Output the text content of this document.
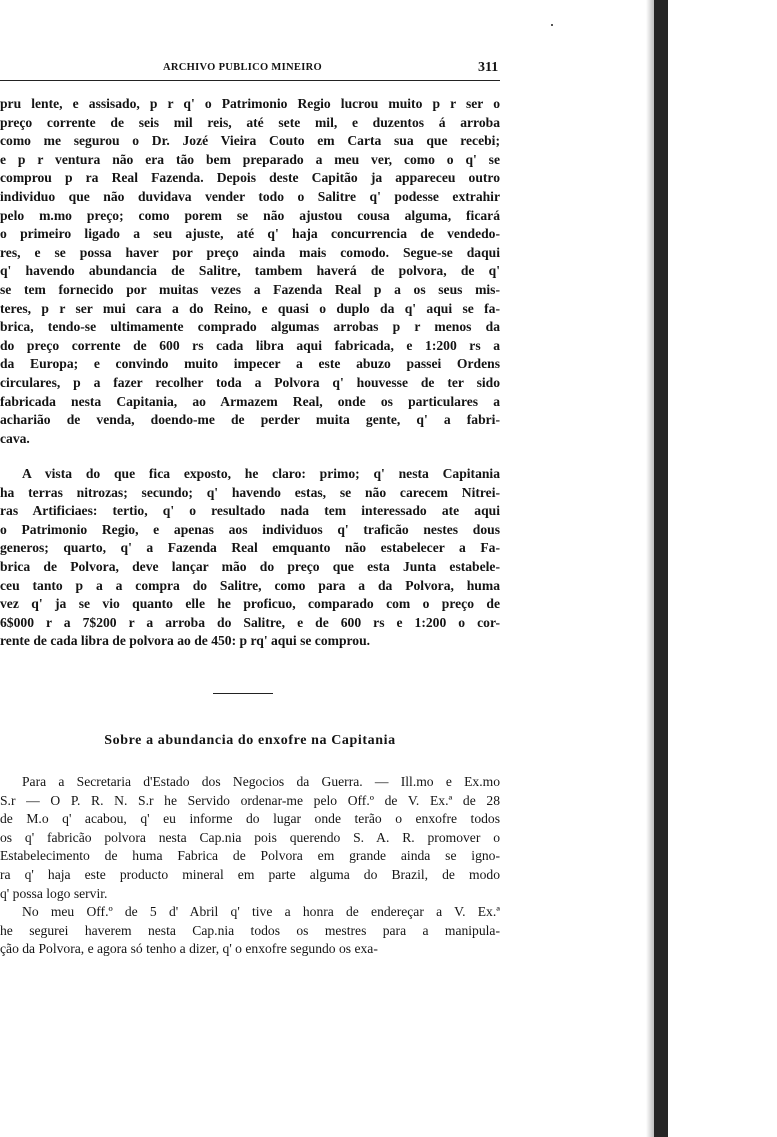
ARCHIVO PUBLICO MINEIRO	311
pru lente, e assisado, p r q' o Patrimonio Regio lucrou muito p r ser o
preço corrente de seis mil reis, até sete mil, e duzentos á arroba
como me segurou o Dr. Jozé Vieira Couto em Carta sua que recebi;
e p r ventura não era tão bem preparado a meu ver, como o q' se
comprou p ra Real Fazenda. Depois deste Capitão ja appareceu outro
individuo que não duvidava vender todo o Salitre q' podesse extrahir
pelo m.mo preço; como porem se não ajustou cousa alguma, ficará
o primeiro ligado a seu ajuste, até q' haja concurrencia de vendedo-
res, e se possa haver por preço ainda mais comodo. Segue-se daqui
q' havendo abundancia de Salitre, tambem haverá de polvora, de q'
se tem fornecido por muitas vezes a Fazenda Real p a os seus mis-
teres, p r ser mui cara a do Reino, e quasi o duplo da q' aqui se fa-
brica, tendo-se ultimamente comprado algumas arrobas p r menos da
do preço corrente de 600 rs cada libra aqui fabricada, e 1:200 rs a
da Europa; e convindo muito impecer a este abuzo passei Ordens
circulares, p a fazer recolher toda a Polvora q' houvesse de ter sido
fabricada nesta Capitania, ao Armazem Real, onde os particulares a
acharião de venda, doendo-me de perder muita gente, q' a fabri-
cava.
A vista do que fica exposto, he claro: primo; q' nesta Capitania
ha terras nitrozas; secundo; q' havendo estas, se não carecem Nitrei-
ras Artificiaes: tertio, q' o resultado nada tem interessado ate aqui
o Patrimonio Regio, e apenas aos individuos q' traficão nestes dous
generos; quarto, q' a Fazenda Real emquanto não estabelecer a Fa-
brica de Polvora, deve lançar mão do preço que esta Junta estabele-
ceu tanto p a a compra do Salitre, como para a da Polvora, huma
vez q' ja se vio quanto elle he proficuo, comparado com o preço de
6$000 r a 7$200 r a arroba do Salitre, e de 600 rs e 1:200 o cor-
rente de cada libra de polvora ao de 450: p rq' aqui se comprou.
Sobre a abundancia do enxofre na Capitania
Para a Secretaria d'Estado dos Negocios da Guerra. — Ill.mo e Ex.mo
S.r — O P. R. N. S.r he Servido ordenar-me pelo Off.º de V. Ex.ª de 28
de M.o q' acabou, q' eu informe do lugar onde terão o enxofre todos
os q' fabricão polvora nesta Cap.nia pois querendo S. A. R. promover o
Estabelecimento de huma Fabrica de Polvora em grande ainda se igno-
ra q' haja este producto mineral em parte alguma do Brazil, de modo
q' possa logo servir.
No meu Off.º de 5 d' Abril q' tive a honra de endereçar a V. Ex.ª
he segurei haverem nesta Cap.nia todos os mestres para a manipula-
ção da Polvora, e agora só tenho a dizer, q' o enxofre segundo os exa-
